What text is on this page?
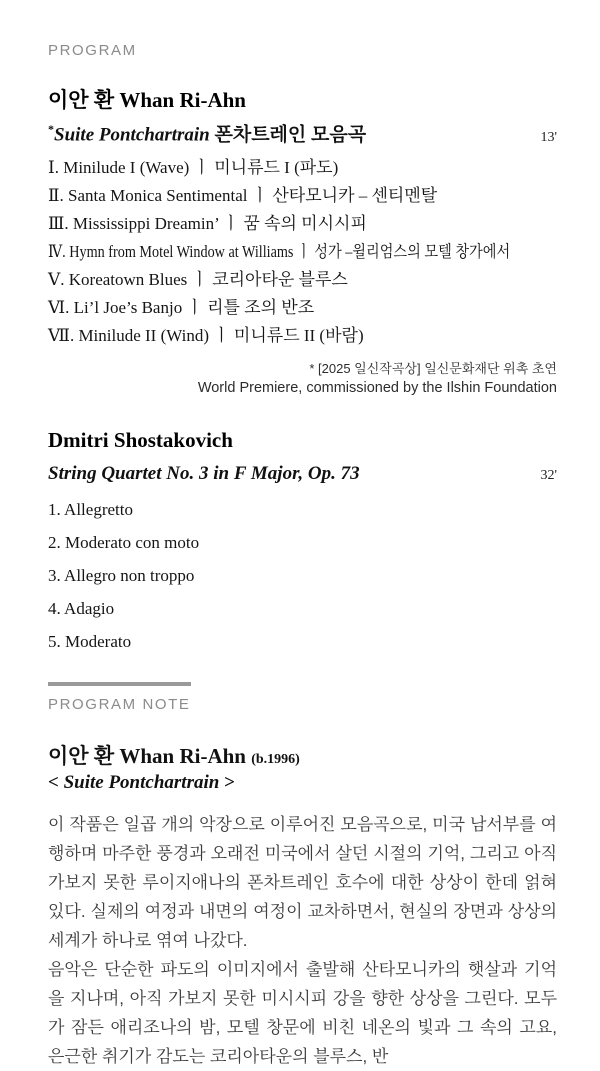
PROGRAM
이안 환 Whan Ri-Ahn
*Suite Pontchartrain 폰차트레인 모음곡	13'
Ⅰ. Minilude I (Wave) ㅣ 미니류드 I (파도)
Ⅱ. Santa Monica Sentimental ㅣ 산타모니카 – 센티멘탈
Ⅲ. Mississippi Dreamin’ ㅣ 꿈 속의 미시시피
Ⅳ. Hymn from Motel Window at Williams ㅣ 성가 –윌리엄스의 모텔 창가에서
Ⅴ. Koreatown Blues ㅣ 코리아타운 블루스
Ⅵ. Li’l Joe’s Banjo ㅣ 리틀 조의 반조
Ⅶ. Minilude II (Wind) ㅣ 미니류드 II (바람)
* [2025 일신작곡상] 일신문화재단 위촉 초연
World Premiere, commissioned by the Ilshin Foundation
Dmitri Shostakovich
String Quartet No. 3 in F Major, Op. 73	32'
1. Allegretto
2. Moderato con moto
3. Allegro non troppo
4. Adagio
5. Moderato
PROGRAM NOTE
이안 환 Whan Ri-Ahn (b.1996)
< Suite Pontchartrain >

이 작품은 일곱 개의 악장으로 이루어진 모음곡으로, 미국 남서부를 여행하며 마주한 풍경과 오래전 미국에서 살던 시절의 기억, 그리고 아직 가보지 못한 루이지애나의 폰차트레인 호수에 대한 상상이 한데 얽혀 있다. 실제의 여정과 내면의 여정이 교차하면서, 현실의 장면과 상상의 세계가 하나로 엮여 나갔다.

음악은 단순한 파도의 이미지에서 출발해 산타모니카의 햇살과 기억을 지나며, 아직 가보지 못한 미시시피 강을 향한 상상을 그린다. 모두가 잠든 애리조나의 밤, 모텔 창문에 비친 네온의 빛과 그 속의 고요, 은근한 취기가 감도는 코리아타운의 블루스, 반
